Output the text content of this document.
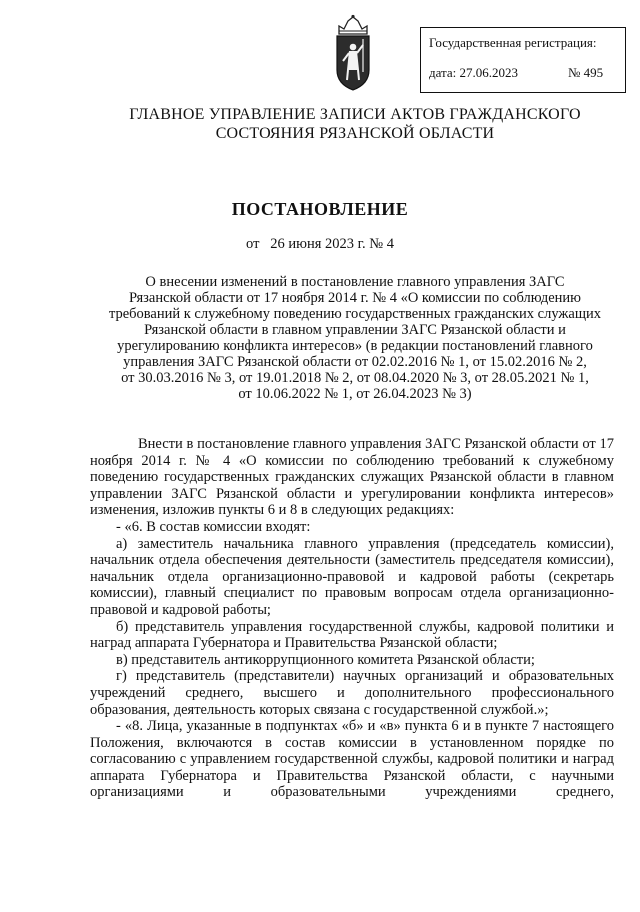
Государственная регистрация:
дата: 27.06.2023	№ 495
ГЛАВНОЕ УПРАВЛЕНИЕ ЗАПИСИ АКТОВ ГРАЖДАНСКОГО
СОСТОЯНИЯ РЯЗАНСКОЙ ОБЛАСТИ
ПОСТАНОВЛЕНИЕ
от   26 июня 2023 г. № 4
О внесении изменений в постановление главного управления ЗАГС
Рязанской области от 17 ноября 2014 г. № 4 «О комиссии по соблюдению
требований к служебному поведению государственных гражданских служащих
Рязанской области в главном управлении ЗАГС Рязанской области и
урегулированию конфликта интересов» (в редакции постановлений главного
управления ЗАГС Рязанской области от 02.02.2016 № 1, от 15.02.2016 № 2,
от 30.03.2016 № 3, от 19.01.2018 № 2, от 08.04.2020 № 3, от 28.05.2021 № 1,
от 10.06.2022 № 1, от 26.04.2023 № 3)

Внести в постановление главного управления ЗАГС Рязанской области от 17 ноября 2014 г. № 4 «О комиссии по соблюдению требований к служебному поведению государственных гражданских служащих Рязанской области в главном управлении ЗАГС Рязанской области и урегулировании конфликта интересов» изменения, изложив пункты 6 и 8 в следующих редакциях:

- «6. В состав комиссии входят:

а) заместитель начальника главного управления (председатель комиссии), начальник отдела обеспечения деятельности (заместитель председателя комиссии), начальник отдела организационно-правовой и кадровой работы (секретарь комиссии), главный специалист по правовым вопросам отдела организационно-правовой и кадровой работы;

б) представитель управления государственной службы, кадровой политики и наград аппарата Губернатора и Правительства Рязанской области;

в) представитель антикоррупционного комитета Рязанской области;

г) представитель (представители) научных организаций и образовательных учреждений среднего, высшего и дополнительного профессионального образования, деятельность которых связана с государственной службой.»;

- «8. Лица, указанные в подпунктах «б» и «в» пункта 6 и в пункте 7 настоящего Положения, включаются в состав комиссии в установленном порядке по согласованию с управлением государственной службы, кадровой политики и наград аппарата Губернатора и Правительства Рязанской области, с научными организациями и образовательными учреждениями среднего,
